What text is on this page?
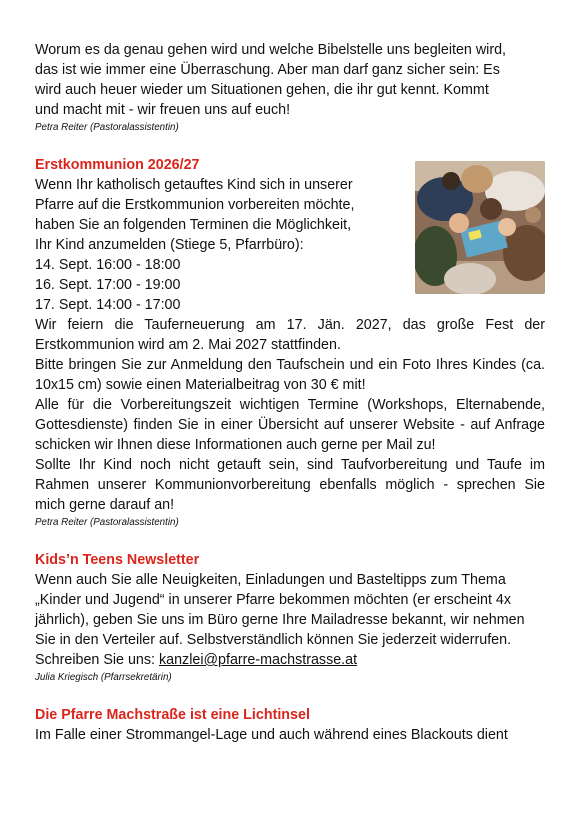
Worum es da genau gehen wird und welche Bibelstelle uns begleiten wird,

das ist wie immer eine Überraschung. Aber man darf ganz sicher sein: Es

wird auch heuer wieder um Situationen gehen, die ihr gut kennt. Kommt

und macht mit - wir freuen uns auf euch!

Petra Reiter (Pastoralassistentin)

Erstkommunion 2026/27

Wenn Ihr katholisch getauftes Kind sich in unserer

Pfarre auf die Erstkommunion vorbereiten möchte,

haben Sie an folgenden Terminen die Möglichkeit,

Ihr Kind anzumelden (Stiege 5, Pfarrbüro):

14. Sept. 16:00 - 18:00

16. Sept. 17:00 - 19:00

17. Sept. 14:00 - 17:00

Wir feiern die Tauferneuerung am 17. Jän. 2027, das große Fest der Erstkommunion wird am 2. Mai 2027 stattfinden.

Bitte bringen Sie zur Anmeldung den Taufschein und ein Foto Ihres Kindes (ca. 10x15 cm) sowie einen Materialbeitrag von 30 € mit!

Alle für die Vorbereitungszeit wichtigen Termine (Workshops, Elternabende, Gottesdienste) finden Sie in einer Übersicht auf unserer Website - auf Anfrage schicken wir Ihnen diese Informationen auch gerne per Mail zu!

Sollte Ihr Kind noch nicht getauft sein, sind Taufvorbereitung und Taufe im Rahmen unserer Kommunionvorbereitung ebenfalls möglich - sprechen Sie mich gerne darauf an!

Petra Reiter (Pastoralassistentin)

Kids’n Teens Newsletter

Wenn auch Sie alle Neuigkeiten, Einladungen und Basteltipps zum Thema „Kinder und Jugend“ in unserer Pfarre bekommen möchten (er erscheint 4x jährlich), geben Sie uns im Büro gerne Ihre Mailadresse bekannt, wir nehmen Sie in den Verteiler auf. Selbstverständlich können Sie jederzeit widerrufen. Schreiben Sie uns: kanzlei@pfarre-machstrasse.at

Julia Kriegisch (Pfarrsekretärin)

Die Pfarre Machstraße ist eine Lichtinsel

Im Falle einer Strommangel-Lage und auch während eines Blackouts dient
